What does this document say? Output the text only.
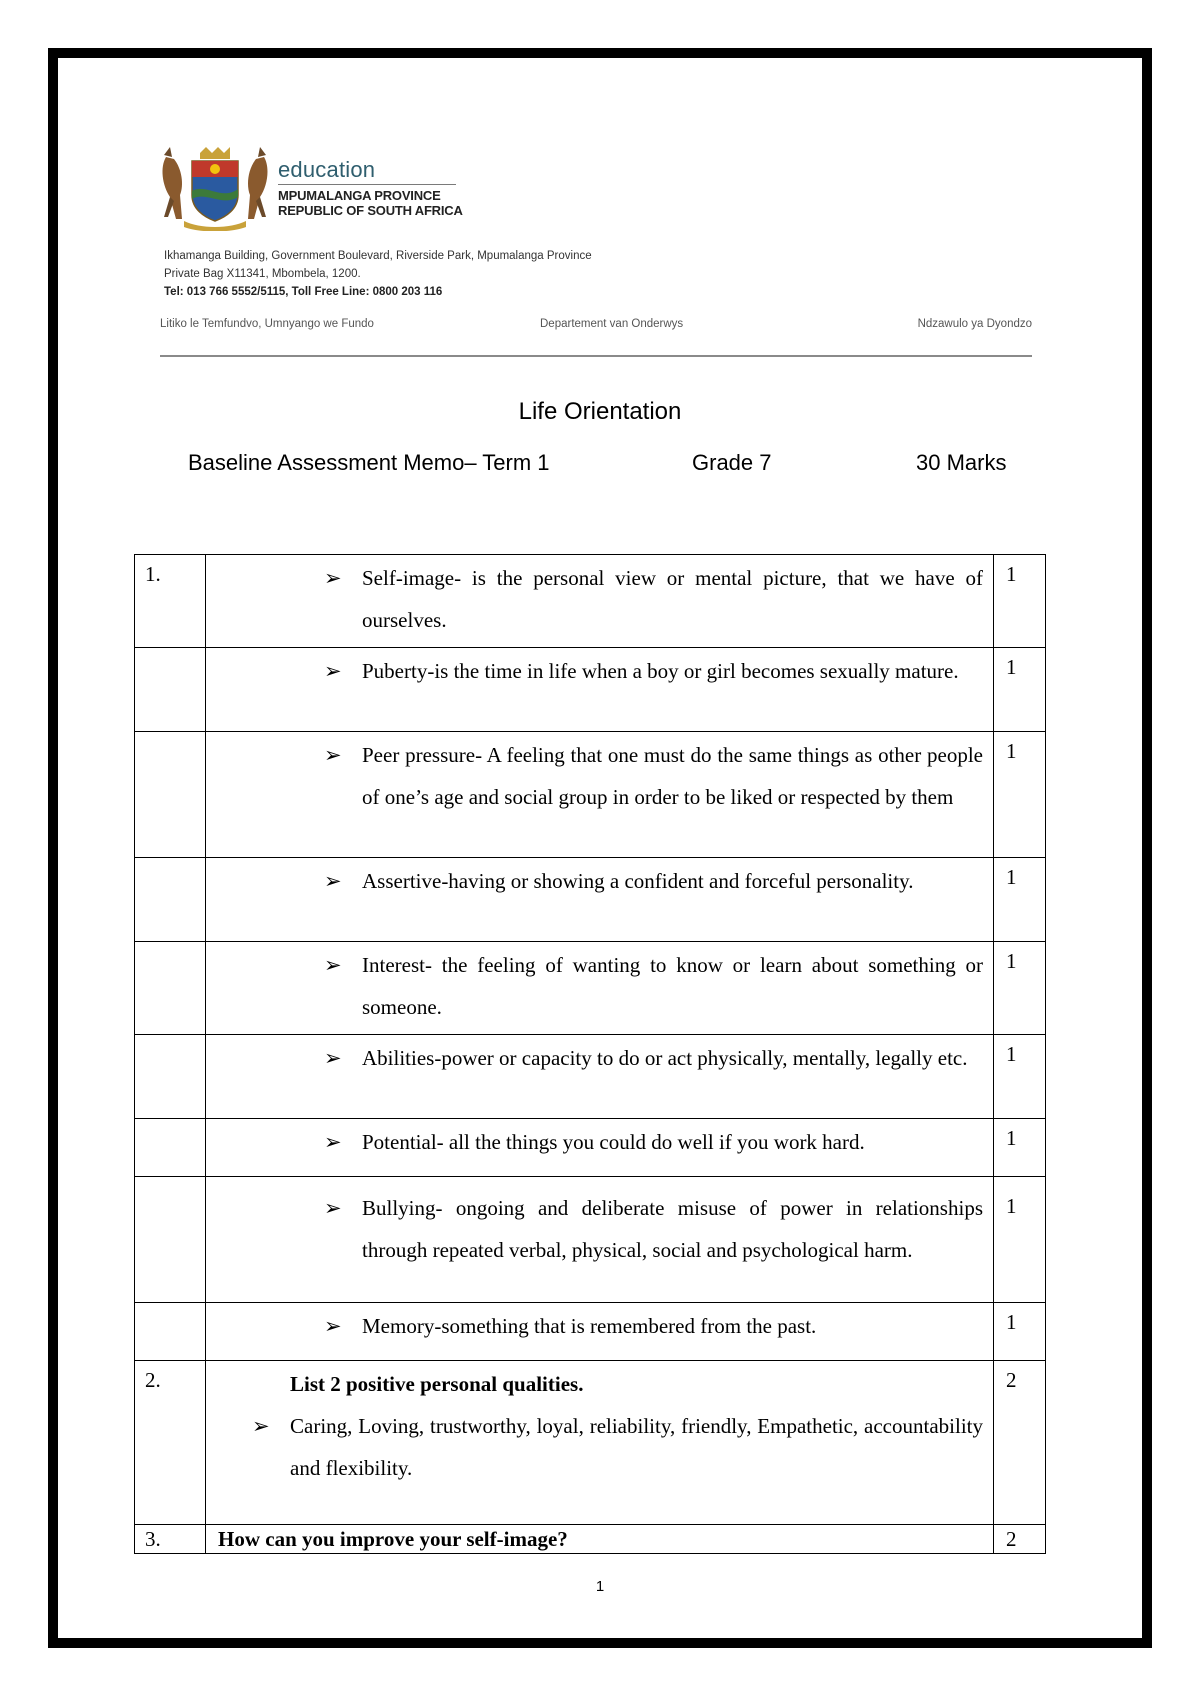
education
MPUMALANGA PROVINCE
REPUBLIC OF SOUTH AFRICA
Ikhamanga Building, Government Boulevard, Riverside Park, Mpumalanga Province
Private Bag X11341, Mbombela, 1200.
Tel: 013 766 5552/5115, Toll Free Line: 0800 203 116
Litiko le Temfundvo, Umnyango we Fundo	Departement van Onderwys	Ndzawulo ya Dyondzo
Life Orientation
Baseline Assessment Memo– Term 1	Grade 7	30 Marks
1.	➢ Self-image- is the personal view or mental picture, that we have of ourselves.	1

	➢ Puberty-is the time in life when a boy or girl becomes sexually mature.	1

	➢ Peer pressure- A feeling that one must do the same things as other people of one’s age and social group in order to be liked or respected by them	1

	➢ Assertive-having or showing a confident and forceful personality.	1

	➢ Interest- the feeling of wanting to know or learn about something or someone.	1

	➢ Abilities-power or capacity to do or act physically, mentally, legally etc.	1

	➢ Potential- all the things you could do well if you work hard.	1

	➢ Bullying- ongoing and deliberate misuse of power in relationships through repeated verbal, physical, social and psychological harm.	1

	➢ Memory-something that is remembered from the past.	1
2.	List 2 positive personal qualities.
➢ Caring, Loving, trustworthy, loyal, reliability, friendly, Empathetic, accountability and flexibility.	2
3.	How can you improve your self-image?	2
1
